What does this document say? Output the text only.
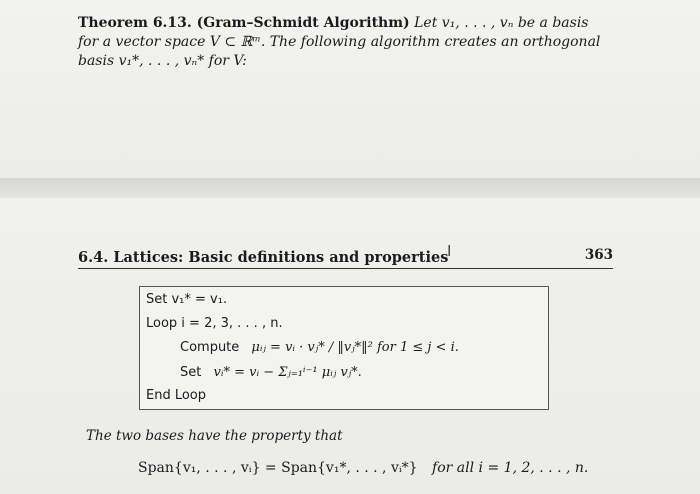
Theorem 6.13. (Gram–Schmidt Algorithm) Let v₁, . . . , vₙ be a basis
for a vector space V ⊂ ℝᵐ. The following algorithm creates an orthogonal
basis v₁*, . . . , vₙ* for V:
6.4. Lattices: Basic definitions and properties	363
I
Set v₁* = v₁.
Loop i = 2, 3, . . . , n.
Compute μᵢⱼ = vᵢ · vⱼ* / ‖vⱼ*‖² for 1 ≤ j < i.
Set vᵢ* = vᵢ − Σⱼ₌₁ⁱ⁻¹ μᵢⱼ vⱼ*.
End Loop
The two bases have the property that
Span{v₁, . . . , vᵢ} = Span{v₁*, . . . , vᵢ*} for all i = 1, 2, . . . , n.
